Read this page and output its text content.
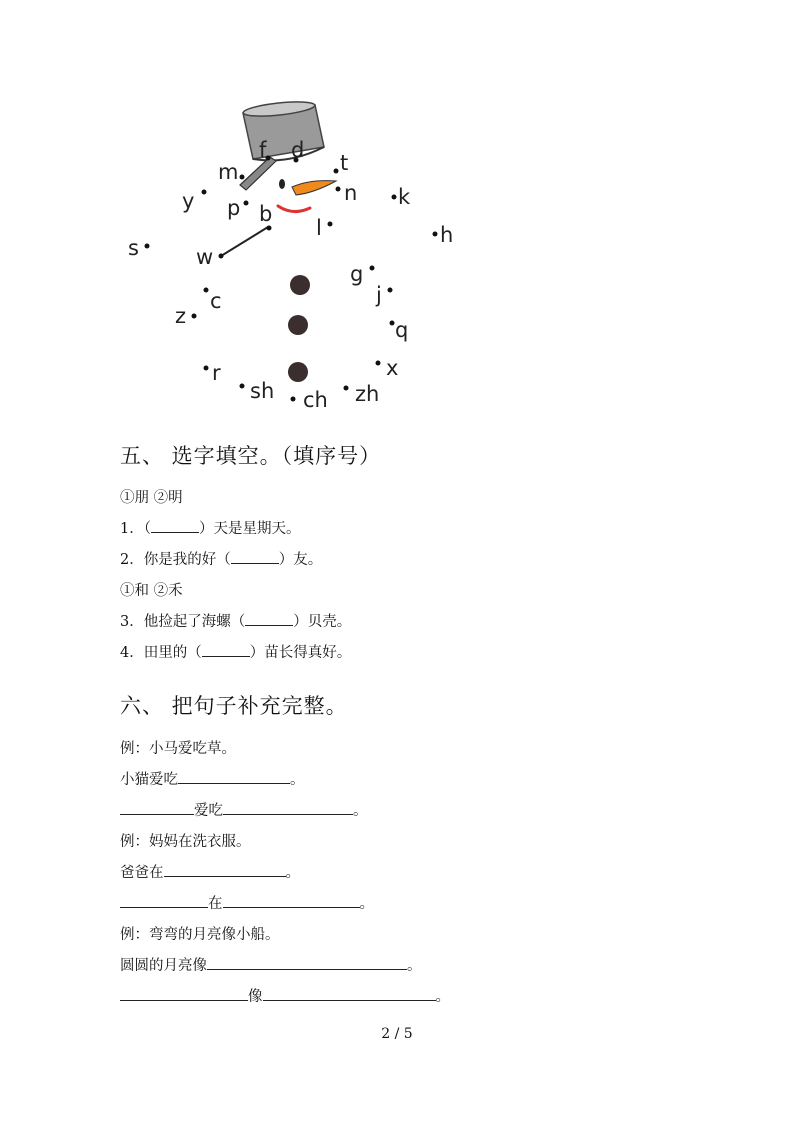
f d
m	t
y p b
n k
h
s	w
l
g
j
c
z
q
r	x
sh ch zh
五、 选字填空。（填序号）
①朋 ②明
1．（	）天是星期天。
2．你是我的好（	）友。
①和 ②禾
3．他捡起了海螺（	）贝壳。
4．田里的（	）苗长得真好。
六、 把句子补充完整。
例：小马爱吃草。
小猫爱吃	。
爱吃	。
例：妈妈在洗衣服。
爸爸在	。
在	。
例：弯弯的月亮像小船。
圆圆的月亮像	。
像	。
2 / 5
